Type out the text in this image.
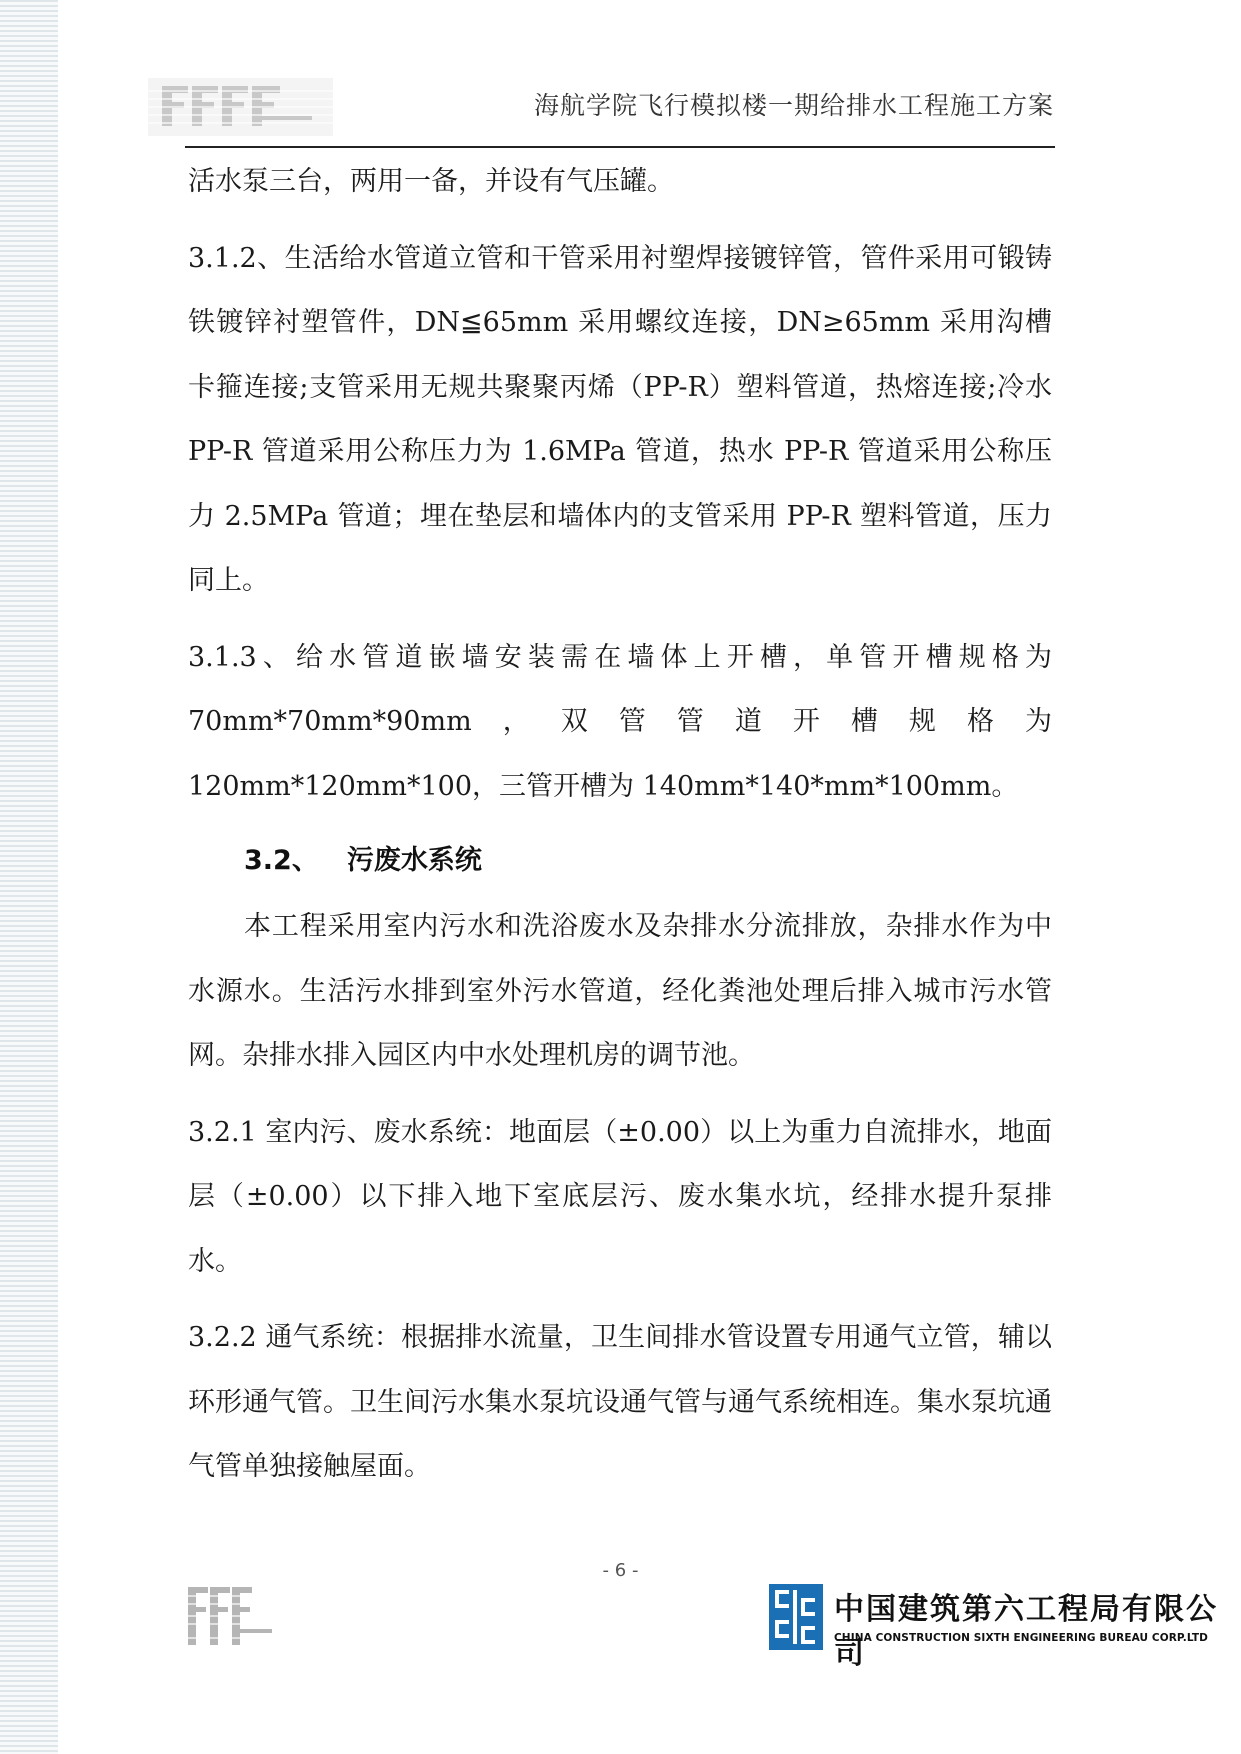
海航学院飞行模拟楼一期给排水工程施工方案

活水泵三台，两用一备，并设有气压罐。

3.1.2、生活给水管道立管和干管采用衬塑焊接镀锌管，管件采用可锻铸铁镀锌衬塑管件，DN≦65mm 采用螺纹连接，DN≥65mm 采用沟槽卡箍连接;支管采用无规共聚聚丙烯（PP-R）塑料管道，热熔连接;冷水 PP-R 管道采用公称压力为 1.6MPa 管道，热水 PP-R 管道采用公称压力 2.5MPa 管道；埋在垫层和墙体内的支管采用 PP-R 塑料管道，压力同上。

3.1.3、给水管道嵌墙安装需在墙体上开槽，单管开槽规格为70mm*70mm*90mm，双管管道开槽规格为 120mm*120mm*100，三管开槽为 140mm*140*mm*100mm。

3.2、 污废水系统

本工程采用室内污水和洗浴废水及杂排水分流排放，杂排水作为中水源水。生活污水排到室外污水管道，经化粪池处理后排入城市污水管网。杂排水排入园区内中水处理机房的调节池。

3.2.1 室内污、废水系统：地面层（±0.00）以上为重力自流排水，地面层（±0.00）以下排入地下室底层污、废水集水坑，经排水提升泵排水。

3.2.2 通气系统：根据排水流量，卫生间排水管设置专用通气立管，辅以环形通气管。卫生间污水集水泵坑设通气管与通气系统相连。集水泵坑通气管单独接触屋面。

- 6 -
中国建筑第六工程局有限公司
CHINA CONSTRUCTION SIXTH ENGINEERING BUREAU CORP.LTD
